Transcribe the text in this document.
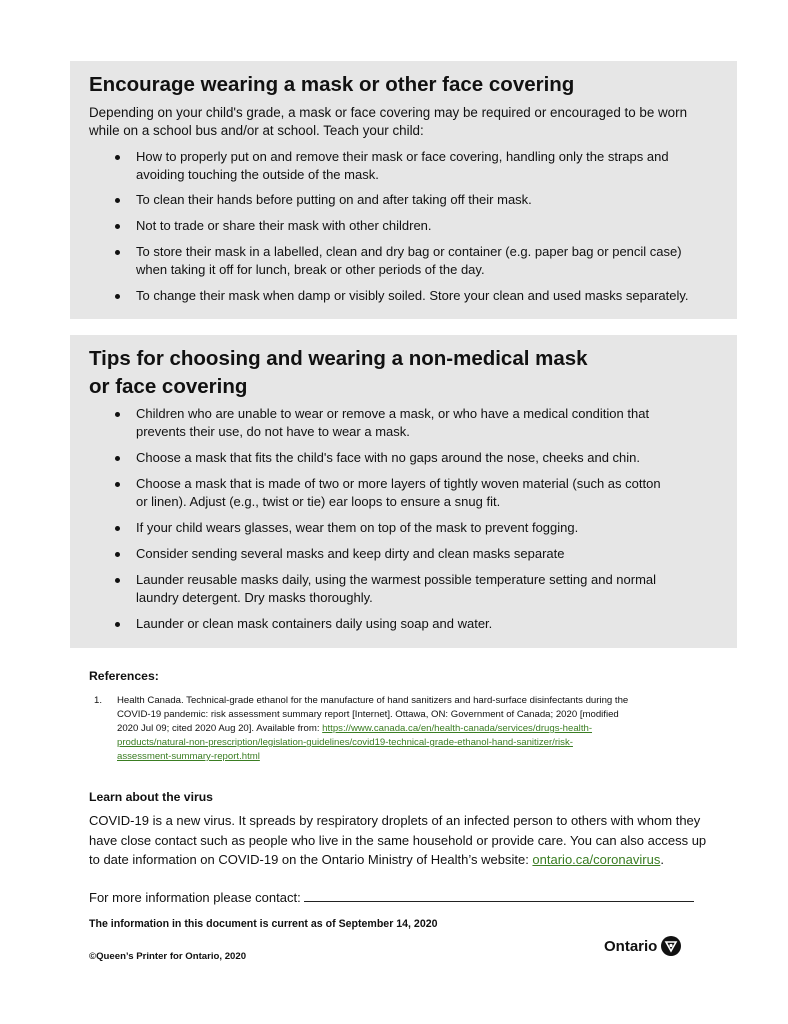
Encourage wearing a mask or other face covering
Depending on your child's grade, a mask or face covering may be required or encouraged to be worn
while on a school bus and/or at school. Teach your child:
How to properly put on and remove their mask or face covering, handling only the straps and
avoiding touching the outside of the mask.
To clean their hands before putting on and after taking off their mask.
Not to trade or share their mask with other children.
To store their mask in a labelled, clean and dry bag or container (e.g. paper bag or pencil case)
when taking it off for lunch, break or other periods of the day.
To change their mask when damp or visibly soiled. Store your clean and used masks separately.
Tips for choosing and wearing a non-medical mask
or face covering
Children who are unable to wear or remove a mask, or who have a medical condition that
prevents their use, do not have to wear a mask.
Choose a mask that fits the child's face with no gaps around the nose, cheeks and chin.
Choose a mask that is made of two or more layers of tightly woven material (such as cotton
or linen). Adjust (e.g., twist or tie) ear loops to ensure a snug fit.
If your child wears glasses, wear them on top of the mask to prevent fogging.
Consider sending several masks and keep dirty and clean masks separate
Launder reusable masks daily, using the warmest possible temperature setting and normal
laundry detergent. Dry masks thoroughly.
Launder or clean mask containers daily using soap and water.
References:
1. Health Canada. Technical-grade ethanol for the manufacture of hand sanitizers and hard-surface disinfectants during the
COVID-19 pandemic: risk assessment summary report [Internet]. Ottawa, ON: Government of Canada; 2020 [modified
2020 Jul 09; cited 2020 Aug 20]. Available from: https://www.canada.ca/en/health-canada/services/drugs-health-
products/natural-non-prescription/legislation-guidelines/covid19-technical-grade-ethanol-hand-sanitizer/risk-
assessment-summary-report.html
Learn about the virus
COVID-19 is a new virus. It spreads by respiratory droplets of an infected person to others with whom they
have close contact such as people who live in the same household or provide care. You can also access up
to date information on COVID-19 on the Ontario Ministry of Health’s website: ontario.ca/coronavirus.
For more information please contact:
The information in this document is current as of September 14, 2020
©Queen’s Printer for Ontario, 2020
Ontario
